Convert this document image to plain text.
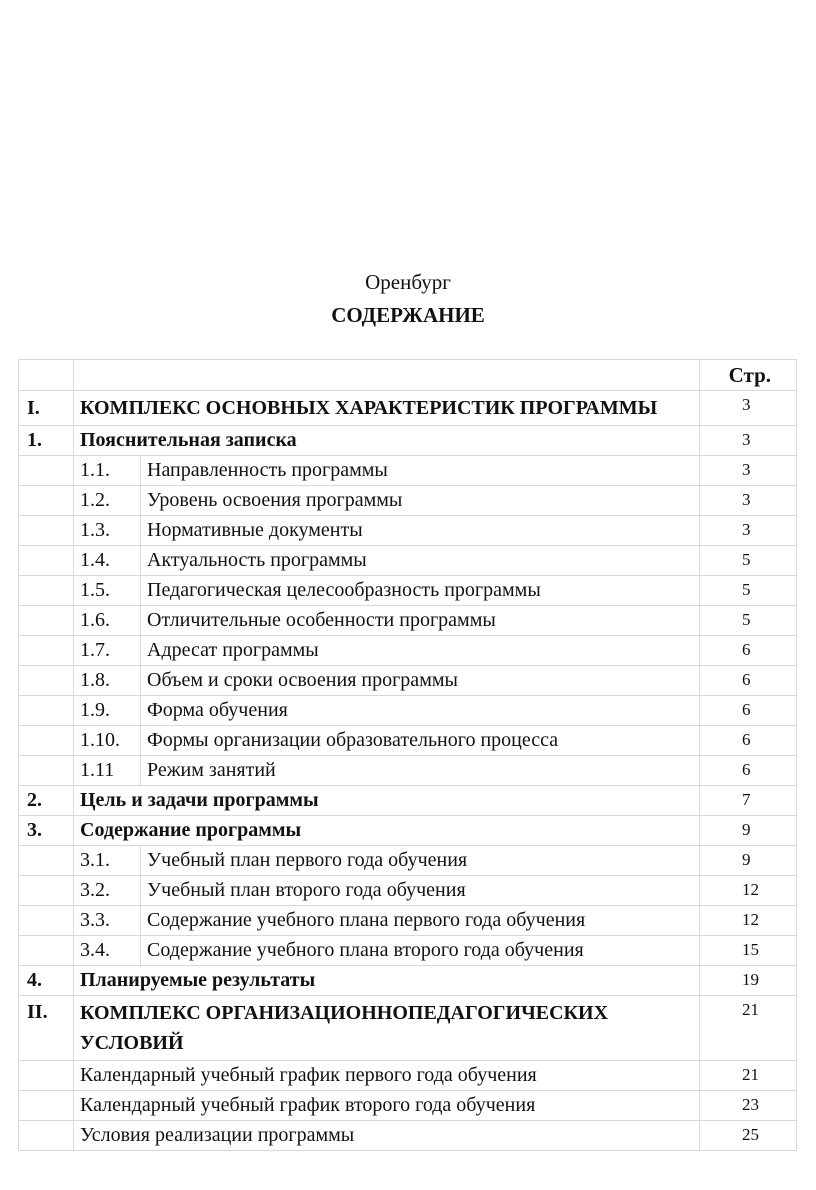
Оренбург
СОДЕРЖАНИЕ
			Стр.
I.	КОМПЛЕКС ОСНОВНЫХ ХАРАКТЕРИСТИК ПРОГРАММЫ		3
1.	Пояснительная записка		3
	1.1.	Направленность программы	3
	1.2.	Уровень освоения программы	3
	1.3.	Нормативные документы	3
	1.4.	Актуальность программы	5
	1.5.	Педагогическая целесообразность программы	5
	1.6.	Отличительные особенности программы	5
	1.7.	Адресат программы	6
	1.8.	Объем и сроки освоения программы	6
	1.9.	Форма обучения	6
	1.10.	Формы организации образовательного процесса	6
	1.11	Режим занятий	6
2.	Цель и задачи программы		7
3.	Содержание программы		9
	3.1.	Учебный план первого года обучения	9
	3.2.	Учебный план второго года обучения	12
	3.3.	Содержание учебного плана первого года обучения	12
	3.4.	Содержание учебного плана второго года обучения	15
4.	Планируемые результаты		19
II.	КОМПЛЕКС ОРГАНИЗАЦИОННОПЕДАГОГИЧЕСКИХ УСЛОВИЙ		21
	Календарный учебный график первого года обучения		21
	Календарный учебный график второго года обучения		23
	Условия реализации программы		25
